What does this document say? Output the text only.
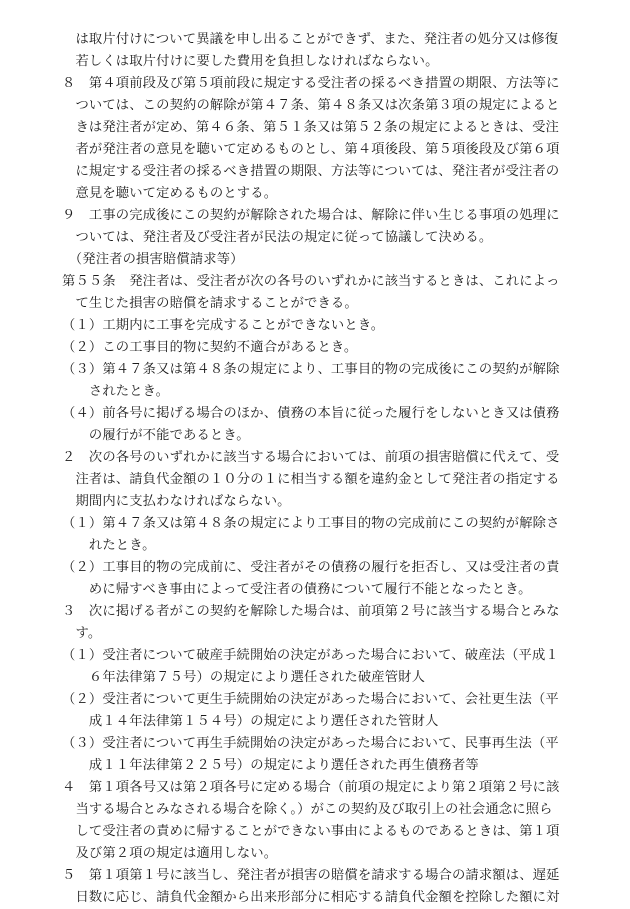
　は取片付けについて異議を申し出ることができず、また、発注者の処分又は修復
　若しくは取片付けに要した費用を負担しなければならない。
８　第４項前段及び第５項前段に規定する受注者の採るべき措置の期限、方法等に
　ついては、この契約の解除が第４７条、第４８条又は次条第３項の規定によると
　きは発注者が定め、第４６条、第５１条又は第５２条の規定によるときは、受注
　者が発注者の意見を聴いて定めるものとし、第４項後段、第５項後段及び第６項
　に規定する受注者の採るべき措置の期限、方法等については、発注者が受注者の
　意見を聴いて定めるものとする。
９　工事の完成後にこの契約が解除された場合は、解除に伴い生じる事項の処理に
　ついては、発注者及び受注者が民法の規定に従って協議して決める。
　（発注者の損害賠償請求等）
第５５条　発注者は、受注者が次の各号のいずれかに該当するときは、これによっ
　て生じた損害の賠償を請求することができる。
（１）工期内に工事を完成することができないとき。
（２）この工事目的物に契約不適合があるとき。
（３）第４７条又は第４８条の規定により、工事目的物の完成後にこの契約が解除
　　されたとき。
（４）前各号に掲げる場合のほか、債務の本旨に従った履行をしないとき又は債務
　　の履行が不能であるとき。
２　次の各号のいずれかに該当する場合においては、前項の損害賠償に代えて、受
　注者は、請負代金額の１０分の１に相当する額を違約金として発注者の指定する
　期間内に支払わなければならない。
（１）第４７条又は第４８条の規定により工事目的物の完成前にこの契約が解除さ
　　れたとき。
（２）工事目的物の完成前に、受注者がその債務の履行を拒否し、又は受注者の責
　　めに帰すべき事由によって受注者の債務について履行不能となったとき。
３　次に掲げる者がこの契約を解除した場合は、前項第２号に該当する場合とみな
　す。
（１）受注者について破産手続開始の決定があった場合において、破産法（平成１
　　６年法律第７５号）の規定により選任された破産管財人
（２）受注者について更生手続開始の決定があった場合において、会社更生法（平
　　成１４年法律第１５４号）の規定により選任された管財人
（３）受注者について再生手続開始の決定があった場合において、民事再生法（平
　　成１１年法律第２２５号）の規定により選任された再生債務者等
４　第１項各号又は第２項各号に定める場合（前項の規定により第２項第２号に該
　当する場合とみなされる場合を除く。）がこの契約及び取引上の社会通念に照ら
　して受注者の責めに帰することができない事由によるものであるときは、第１項
　及び第２項の規定は適用しない。
５　第１項第１号に該当し、発注者が損害の賠償を請求する場合の請求額は、遅延
　日数に応じ、請負代金額から出来形部分に相応する請負代金額を控除した額に対
